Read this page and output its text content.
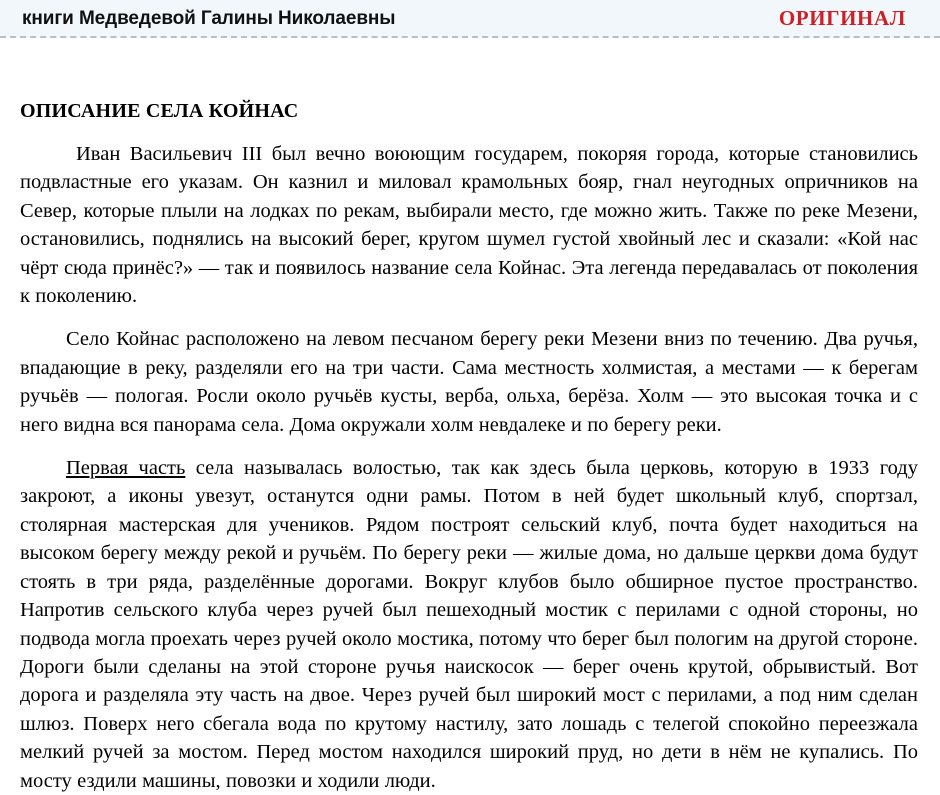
книги Медведевой Галины Николаевны	ОРИГИНАЛ
ОПИСАНИЕ СЕЛА КОЙНАС

Иван Васильевич III был вечно воюющим государем, покоряя города, которые становились подвластные его указам. Он казнил и миловал крамольных бояр, гнал неугодных опричников на Север, которые плыли на лодках по рекам, выбирали место, где можно жить. Также по реке Мезени, остановились, поднялись на высокий берег, кругом шумел густой хвойный лес и сказали: «Кой нас чёрт сюда принёс?» — так и появилось название села Койнас. Эта легенда передавалась от поколения к поколению.

Село Койнас расположено на левом песчаном берегу реки Мезени вниз по течению. Два ручья, впадающие в реку, разделяли его на три части. Сама местность холмистая, а местами — к берегам ручьёв — пологая. Росли около ручьёв кусты, верба, ольха, берёза. Холм — это высокая точка и с него видна вся панорама села. Дома окружали холм невдалеке и по берегу реки.

Первая часть села называлась волостью, так как здесь была церковь, которую в 1933 году закроют, а иконы увезут, останутся одни рамы. Потом в ней будет школьный клуб, спортзал, столярная мастерская для учеников. Рядом построят сельский клуб, почта будет находиться на высоком берегу между рекой и ручьём. По берегу реки — жилые дома, но дальше церкви дома будут стоять в три ряда, разделённые дорогами. Вокруг клубов было обширное пустое пространство. Напротив сельского клуба через ручей был пешеходный мостик с перилами с одной стороны, но подвода могла проехать через ручей около мостика, потому что берег был пологим на другой стороне. Дороги были сделаны на этой стороне ручья наискосок — берег очень крутой, обрывистый. Вот дорога и разделяла эту часть на двое. Через ручей был широкий мост с перилами, а под ним сделан шлюз. Поверх него сбегала вода по крутому настилу, зато лошадь с телегой спокойно переезжала мелкий ручей за мостом. Перед мостом находился широкий пруд, но дети в нём не купались. По мосту ездили машины, повозки и ходили люди.
